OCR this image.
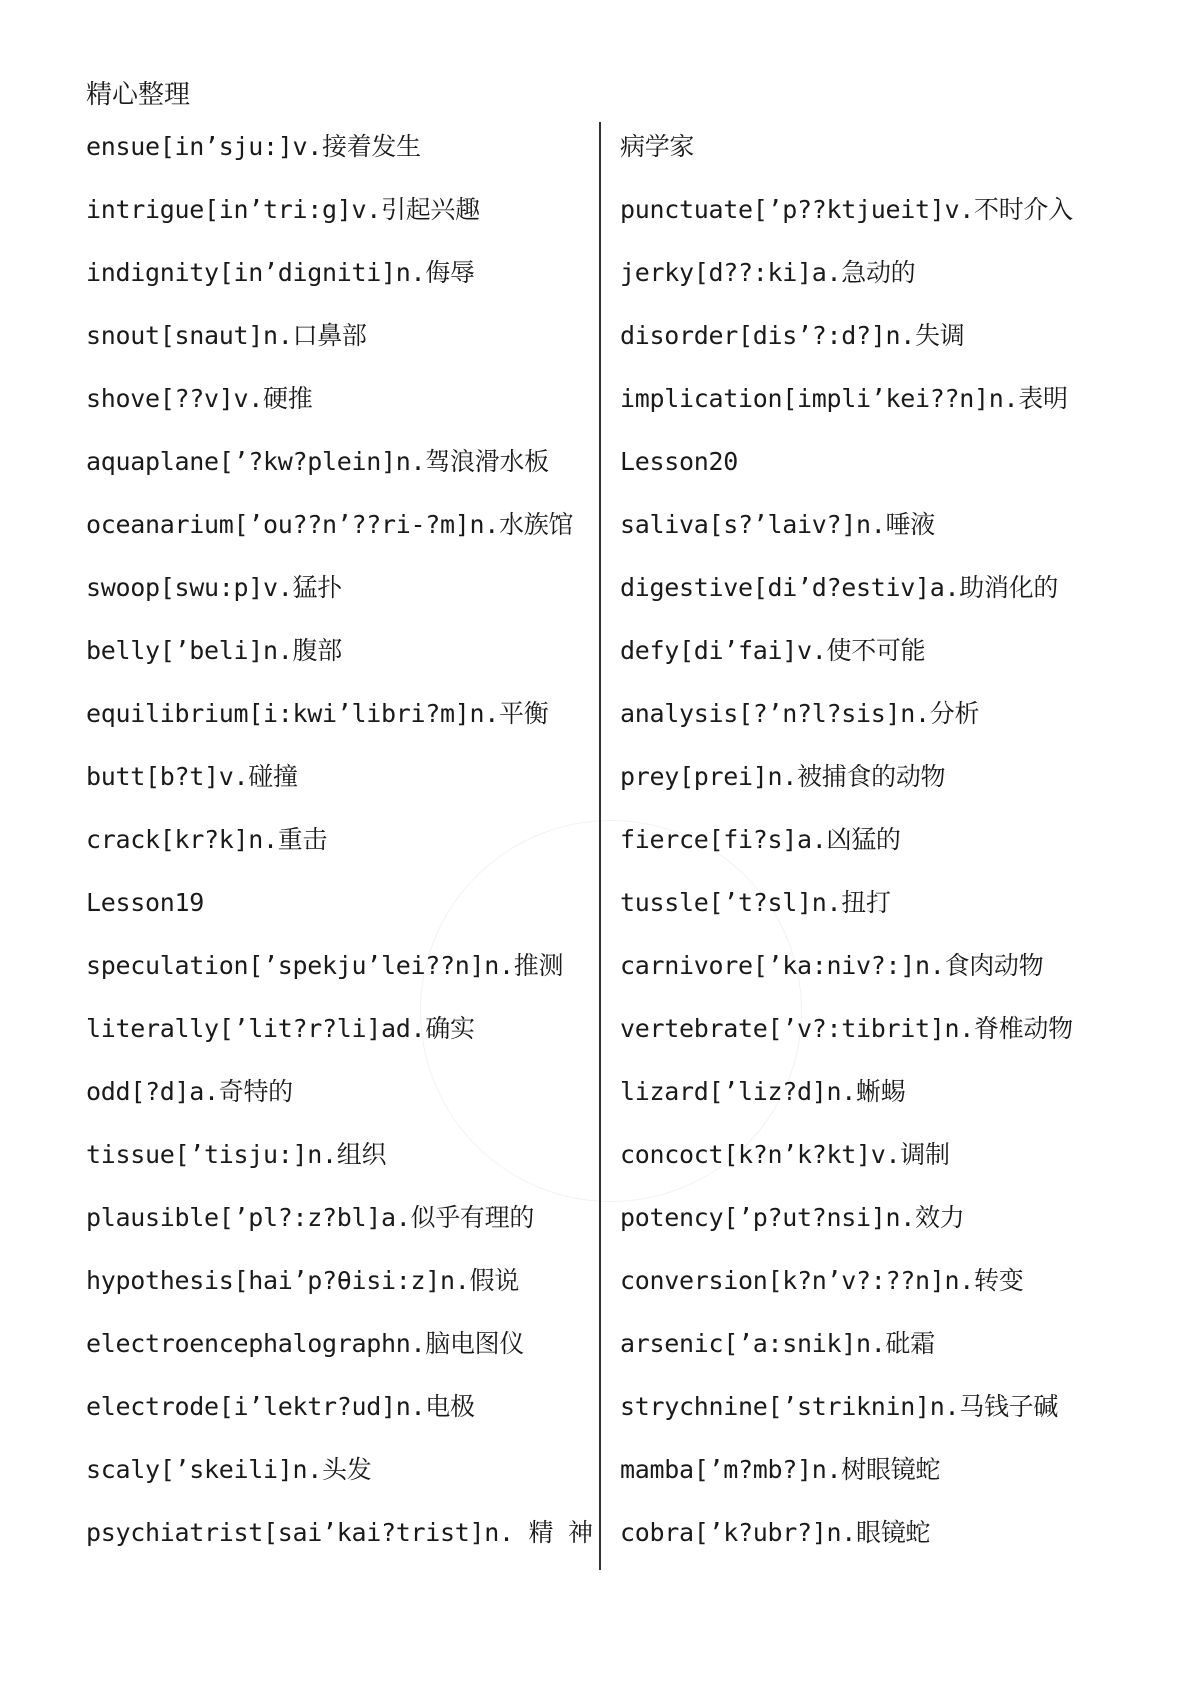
精心整理
ensue[in’sju:]v.接着发生
intrigue[in’tri:g]v.引起兴趣
indignity[in’digniti]n.侮辱
snout[snaut]n.口鼻部
shove[??v]v.硬推
aquaplane[’?kw?plein]n.驾浪滑水板
oceanarium[’ou??n’??ri-?m]n.水族馆
swoop[swu:p]v.猛扑
belly[’beli]n.腹部
equilibrium[i:kwi’libri?m]n.平衡
butt[b?t]v.碰撞
crack[kr?k]n.重击
Lesson19
speculation[’spekju’lei??n]n.推测
literally[’lit?r?li]ad.确实
odd[?d]a.奇特的
tissue[’tisju:]n.组织
plausible[’pl?:z?bl]a.似乎有理的
hypothesis[hai’p?θisi:z]n.假说
electroencephalographn.脑电图仪
electrode[i’lektr?ud]n.电极
scaly[’skeili]n.头发
psychiatrist[sai’kai?trist]n. 精 神
病学家
punctuate[’p??ktjueit]v.不时介入
jerky[d??:ki]a.急动的
disorder[dis’?:d?]n.失调
implication[impli’kei??n]n.表明
Lesson20
saliva[s?’laiv?]n.唾液
digestive[di’d?estiv]a.助消化的
defy[di’fai]v.使不可能
analysis[?’n?l?sis]n.分析
prey[prei]n.被捕食的动物
fierce[fi?s]a.凶猛的
tussle[’t?sl]n.扭打
carnivore[’ka:niv?:]n.食肉动物
vertebrate[’v?:tibrit]n.脊椎动物
lizard[’liz?d]n.蜥蜴
concoct[k?n’k?kt]v.调制
potency[’p?ut?nsi]n.效力
conversion[k?n’v?:??n]n.转变
arsenic[’a:snik]n.砒霜
strychnine[’striknin]n.马钱子碱
mamba[’m?mb?]n.树眼镜蛇
cobra[’k?ubr?]n.眼镜蛇
